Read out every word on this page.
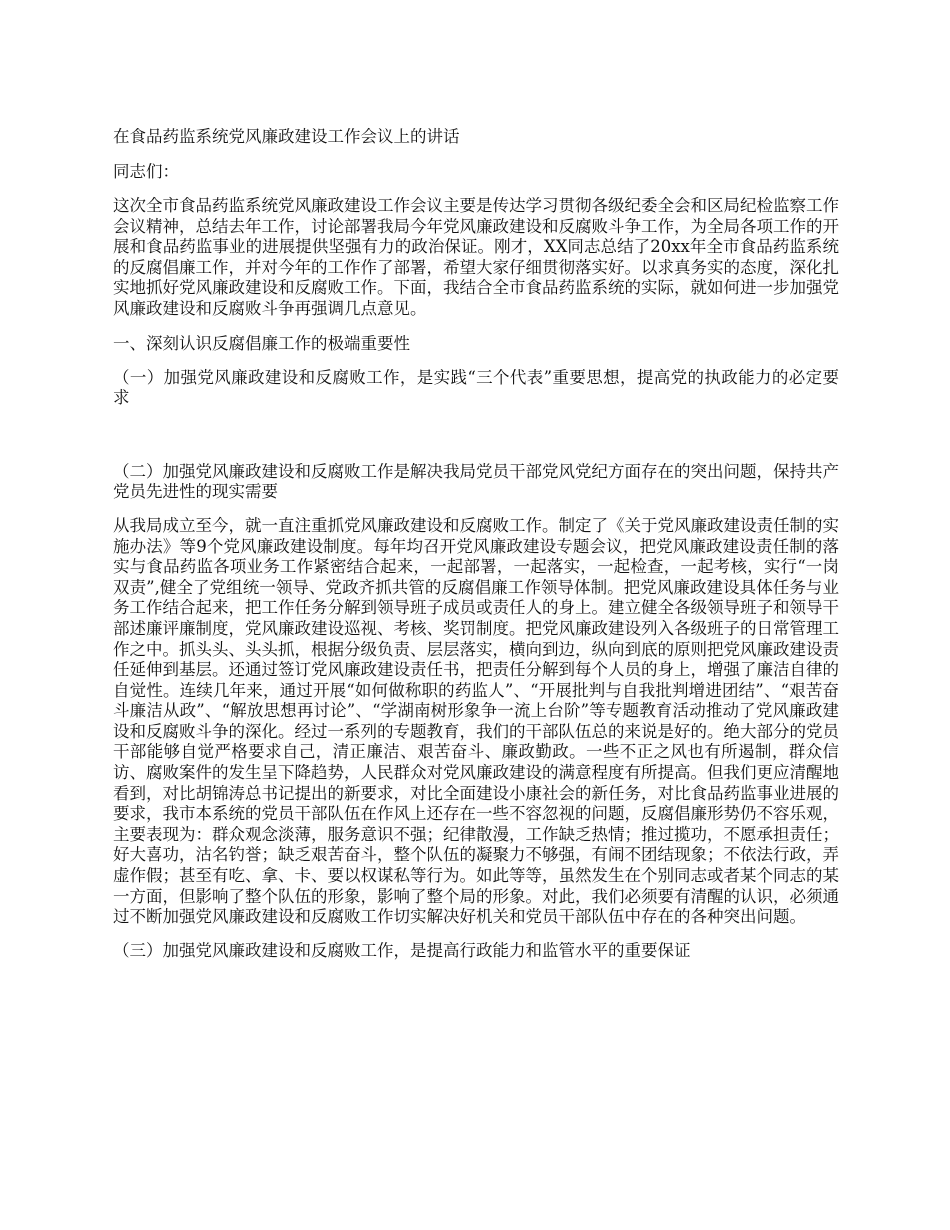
在食品药监系统党风廉政建设工作会议上的讲话
同志们：
这次全市食品药监系统党风廉政建设工作会议主要是传达学习贯彻各级纪委全会和区局纪检监察工作会议精神，总结去年工作，讨论部署我局今年党风廉政建设和反腐败斗争工作，为全局各项工作的开展和食品药监事业的进展提供坚强有力的政治保证。刚才，XX同志总结了20xx年全市食品药监系统的反腐倡廉工作，并对今年的工作作了部署，希望大家仔细贯彻落实好。以求真务实的态度，深化扎实地抓好党风廉政建设和反腐败工作。下面，我结合全市食品药监系统的实际，就如何进一步加强党风廉政建设和反腐败斗争再强调几点意见。
一、深刻认识反腐倡廉工作的极端重要性
（一）加强党风廉政建设和反腐败工作，是实践“三个代表”重要思想，提高党的执政能力的必定要求
（二）加强党风廉政建设和反腐败工作是解决我局党员干部党风党纪方面存在的突出问题，保持共产党员先进性的现实需要
从我局成立至今，就一直注重抓党风廉政建设和反腐败工作。制定了《关于党风廉政建设责任制的实施办法》等9个党风廉政建设制度。每年均召开党风廉政建设专题会议，把党风廉政建设责任制的落实与食品药监各项业务工作紧密结合起来，一起部署，一起落实，一起检查，一起考核，实行“一岗双责”,健全了党组统一领导、党政齐抓共管的反腐倡廉工作领导体制。把党风廉政建设具体任务与业务工作结合起来，把工作任务分解到领导班子成员或责任人的身上。建立健全各级领导班子和领导干部述廉评廉制度，党风廉政建设巡视、考核、奖罚制度。把党风廉政建设列入各级班子的日常管理工作之中。抓头头、头头抓，根据分级负责、层层落实，横向到边，纵向到底的原则把党风廉政建设责任延伸到基层。还通过签订党风廉政建设责任书，把责任分解到每个人员的身上，增强了廉洁自律的自觉性。连续几年来，通过开展“如何做称职的药监人”、“开展批判与自我批判增进团结”、“艰苦奋斗廉洁从政”、“解放思想再讨论”、“学湖南树形象争一流上台阶”等专题教育活动推动了党风廉政建设和反腐败斗争的深化。经过一系列的专题教育，我们的干部队伍总的来说是好的。绝大部分的党员干部能够自觉严格要求自己，清正廉洁、艰苦奋斗、廉政勤政。一些不正之风也有所遏制，群众信访、腐败案件的发生呈下降趋势，人民群众对党风廉政建设的满意程度有所提高。但我们更应清醒地看到，对比胡锦涛总书记提出的新要求，对比全面建设小康社会的新任务，对比食品药监事业进展的要求，我市本系统的党员干部队伍在作风上还存在一些不容忽视的问题，反腐倡廉形势仍不容乐观，主要表现为：群众观念淡薄，服务意识不强；纪律散漫，工作缺乏热情；推过揽功，不愿承担责任；好大喜功，沽名钓誉；缺乏艰苦奋斗，整个队伍的凝聚力不够强，有闹不团结现象；不依法行政，弄虚作假；甚至有吃、拿、卡、要以权谋私等行为。如此等等，虽然发生在个别同志或者某个同志的某一方面，但影响了整个队伍的形象，影响了整个局的形象。对此，我们必须要有清醒的认识，必须通过不断加强党风廉政建设和反腐败工作切实解决好机关和党员干部队伍中存在的各种突出问题。
（三）加强党风廉政建设和反腐败工作，是提高行政能力和监管水平的重要保证
